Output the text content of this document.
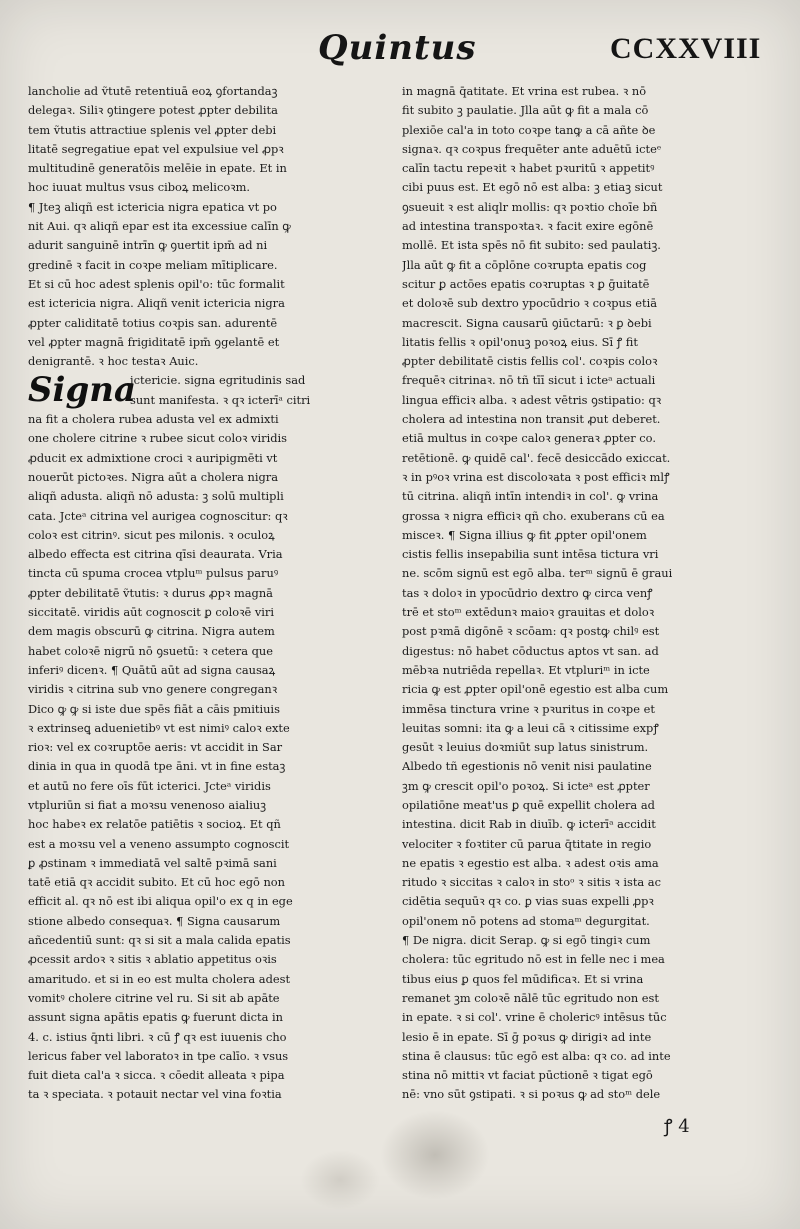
Quintus	CCXXVIII
lancholie ad ṽtutē retentiuā eoꝝ ꝯfortandaꝫ
delegaꝛ. Siliꝛ ꝯtingere potest ꝓpter debilita
tem ṽtutis attractiue splenis vel ꝓpter debi
litatē segregatiue epat vel expulsiue vel ꝓpꝛ
multitudinē generatōis melēie in epate. Et in
hoc iuuat multus vsus ciboꝝ melicoꝛm.
¶ Jteꝫ aliqñ est ictericia nigra epatica vt po
nit Aui. qꝛ aliqñ epar est ita excessiue calīn ꝙ
adurit sanguinē intrīn ꝙ ꝯuertit ipm̄ ad ni
gredinē ꝛ facit in coꝛpe meliam mītiplicare.
Et si cū hoc adest splenis opil'o: tūc formalit
est ictericia nigra. Aliqñ venit ictericia nigra
ꝓpter caliditatē totius coꝛpis san. adurentē
vel ꝓpter magnā frigiditatē ipm̄ ꝯgelantē et
denigrantē. ꝛ hoc testaꝛ Auic.
Signa
ictericie. signa egritudinis sad
sunt manifesta. ꝛ qꝛ icterīᵃ citri
na fit a cholera rubea adusta vel ex admixti
one cholere citrine ꝛ rubee sicut coloꝛ viridis
ꝓducit ex admixtione croci ꝛ auripigmēti vt
nouerūt pictoꝛes. Nigra aūt a cholera nigra
aliqñ adusta. aliqñ nō adusta: ꝫ solū multipli
cata. Jcteᵃ citrina vel aurigea cognoscitur: qꝛ
coloꝛ est citrinꝰ. sicut pes milonis. ꝛ oculoꝝ
albedo effecta est citrina qīsi deaurata. Vria
tincta cū spuma crocea vtpluᵐ pulsus paruꝰ
ꝓpter debilitatē ṽtutis: ꝛ durus ꝓpꝛ magnā
siccitatē. viridis aūt cognoscit ꝑ coloꝛē viri
dem magis obscurū ꝙ citrina. Nigra autem
habet coloꝛē nigrū nō ꝯsuetū: ꝛ cetera que
inferiꝰ dicenꝛ. ¶ Quātū aūt ad signa causaꝝ
viridis ꝛ citrina sub vno genere congreganꝛ
Dico ꝙ ꝙ si iste due spēs fiāt a cāis pmitiuis
ꝛ extrinseꝗ aduenietibꝰ vt est nimiꝰ caloꝛ exte
rioꝛ: vel ex coꝛruptōe aeris: vt accidit in Sar
dinia in qua in quodā tpe āni. vt in fine estaꝫ
et autū no fere oīs fūt icterici. Jcteᵃ viridis
vtpluriūn si fiat a moꝛsu venenoso aialiuꝫ
hoc habeꝛ ex relatōe patiētis ꝛ socioꝝ. Et qñ
est a moꝛsu vel a veneno assumpto cognoscit
ꝑ ꝓstinam ꝛ immediatā vel saltē pꝛimā sani
tatē etiā qꝛ accidit subito. Et cū hoc egō non
efficit al. qꝛ nō est ibi aliqua opil'o ex q in ege
stione albedo consequaꝛ. ¶ Signa causarum
añcedentiū sunt: qꝛ si sit a mala calida epatis
ꝓcessit ardoꝛ ꝛ sitis ꝛ ablatio appetitus oꝛis
amaritudo. et si in eo est multa cholera adest
vomitꝰ cholere citrine vel ru. Si sit ab apāte
assunt signa apātis epatis ꝙ fuerunt dicta in
4. c. istius q̄nti libri. ꝛ cū ꝭ qꝛ est iuuenis cho
lericus faber vel laboratoꝛ in tpe calīo. ꝛ vsus
fuit dieta cal'a ꝛ sicca. ꝛ cōedit alleata ꝛ pipa
ta ꝛ speciata. ꝛ potauit nectar vel vina foꝛtia
in magnā q̄atitate. Et vrina est rubea. ꝛ nō
fit subito ꝫ paulatie. Jlla aūt ꝙ fit a mala cō
plexiōe cal'a in toto coꝛpe tanꝙ a cā añte ꝺe
signaꝛ. qꝛ coꝛpus frequēter ante aduētū icteᵉ
calīn tactu repeꝛit ꝛ habet pꝛuritū ꝛ appetitꝰ
cibi puus est. Et egō nō est alba: ꝫ etiaꝫ sicut
ꝯsueuit ꝛ est aliqlr mollis: qꝛ poꝛtio choīe bñ
ad intestina transpoꝛtaꝛ. ꝛ facit exire egōnē
mollē. Et ista spēs nō fit subito: sed paulatiꝫ.
Jlla aūt ꝙ fit a cōplōne coꝛrupta epatis cog
scitur ꝑ actōes epatis coꝛruptas ꝛ ꝑ ḡuitatē
et doloꝛē sub dextro ypocūdrio ꝛ coꝛpus etiā
macrescit. Signa causarū ꝯiūctarū: ꝛ ꝑ ꝺebi
litatis fellis ꝛ opil'onuꝫ poꝛoꝝ eius. Sī ꝭ fit
ꝓpter debilitatē cistis fellis col'. coꝛpis coloꝛ
frequēꝛ citrinaꝛ. nō tñ tīī sicut i icteᵃ actuali
lingua efficiꝛ alba. ꝛ adest vētris ꝯstipatio: qꝛ
cholera ad intestina non transit ꝓut deberet.
etiā multus in coꝛpe caloꝛ generaꝛ ꝓpter co.
retētionē. ꝙ quidē cal'. fecē desiccādo exiccat.
ꝛ in pꝰoꝛ vrina est discoloꝛata ꝛ post efficiꝛ mlꝭ
tū citrina. aliqñ intīn intendiꝛ in col'. ꝙ vrina
grossa ꝛ nigra efficiꝛ qñ cho. exuberans cū ea
misceꝛ. ¶ Signa illius ꝙ fit ꝓpter opil'onem
cistis fellis insepabilia sunt intēsa tictura vri
ne. scōm signū est egō alba. terᵐ signū ē graui
tas ꝛ doloꝛ in ypocūdrio dextro ꝙ circa venꝭ
trē et stoᵐ extēdunꝛ maioꝛ grauitas et doloꝛ
post pꝛmā digōnē ꝛ scōam: qꝛ postꝙ chilꝰ est
digestus: nō habet cōductus aptos vt san. ad
mēbꝛa nutriēda repellaꝛ. Et vtpluriᵐ in icte
ricia ꝙ est ꝓpter opil'onē egestio est alba cum
immēsa tinctura vrine ꝛ pꝛuritus in coꝛpe et
leuitas somni: ita ꝙ a leui cā ꝛ citissime expꝭ
gesūt ꝛ leuius doꝛmiūt sup latus sinistrum.
Albedo tñ egestionis nō venit nisi paulatine
ꝫm ꝙ crescit opil'o poꝛoꝝ. Si icteᵃ est ꝓpter
opilatiōne meat'us ꝑ quē expellit cholera ad
intestina. dicit Rab in diuīb. ꝙ icterīᵃ accidit
velociter ꝛ foꝛtiter cū parua q̄titate in regio
ne epatis ꝛ egestio est alba. ꝛ adest oꝛis ama
ritudo ꝛ siccitas ꝛ caloꝛ in stoᵒ ꝛ sitis ꝛ ista ac
cidētia sequūꝛ qꝛ co. ꝑ vias suas expelli ꝓpꝛ
opil'onem nō potens ad stomaᵐ degurgitat.
¶ De nigra. dicit Serap. ꝙ si egō tingiꝛ cum
cholera: tūc egritudo nō est in felle nec i mea
tibus eius ꝑ quos fel mūdificaꝛ. Et si vrina
remanet ꝫm coloꝛē nālē tūc egritudo non est
in epate. ꝛ si col'. vrine ē cholericꝰ intēsus tūc
lesio ē in epate. Sī ḡ poꝛus ꝙ dirigiꝛ ad inte
stina ē clausus: tūc egō est alba: qꝛ co. ad inte
stina nō mittiꝛ vt faciat pūctionē ꝛ tigat egō
nē: vno sūt ꝯstipati. ꝛ si poꝛus ꝙ ad stoᵐ dele
ꝭ 4
